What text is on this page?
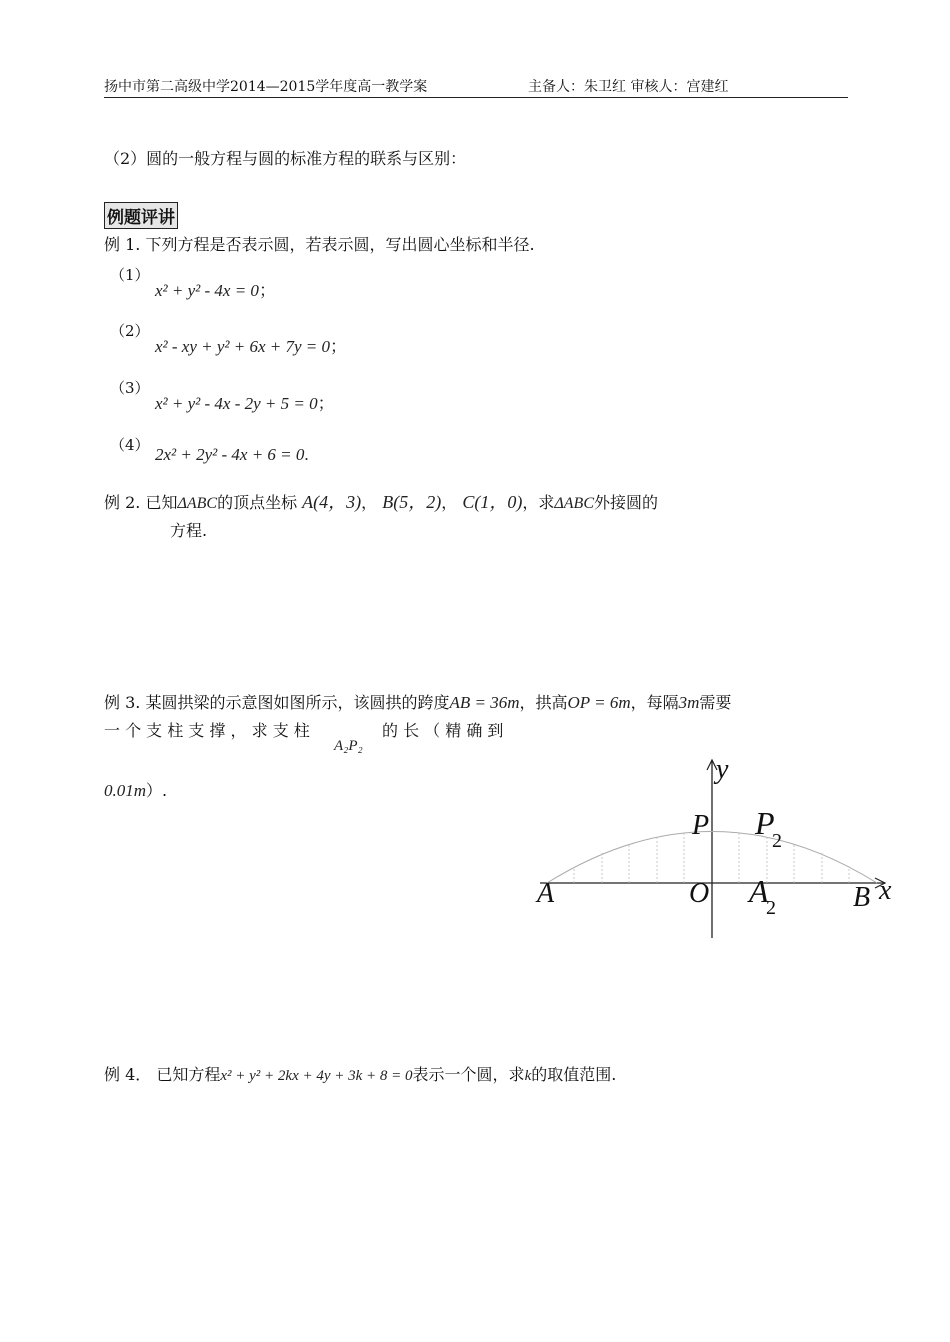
扬中市第二高级中学2014—2015学年度高一教学案	主备人：朱卫红 审核人：宫建红
（2）圆的一般方程与圆的标准方程的联系与区别：
例题评讲
例 1. 下列方程是否表示圆，若表示圆，写出圆心坐标和半径.
（1）
x² + y² - 4x = 0；
（2）
x² - xy + y² + 6x + 7y = 0；
（3）
x² + y² - 4x - 2y + 5 = 0；
（4） 2x² + 2y² - 4x + 6 = 0.
例 2. 已知ΔABC的顶点坐标 A(4，3)， B(5，2)， C(1，0)，求ΔABC外接圆的
方程.
例 3. 某圆拱梁的示意图如图所示，该圆拱的跨度AB = 36m，拱高OP = 6m，每隔3m需要
一 个 支 柱 支 撑 ， 求 支 柱
A₂P₂
的 长 （ 精 确 到
0.01m）.
y
x
P P
2
A	O A
2	B
例 4． 已知方程x² + y² + 2kx + 4y + 3k + 8 = 0表示一个圆，求k的取值范围.
